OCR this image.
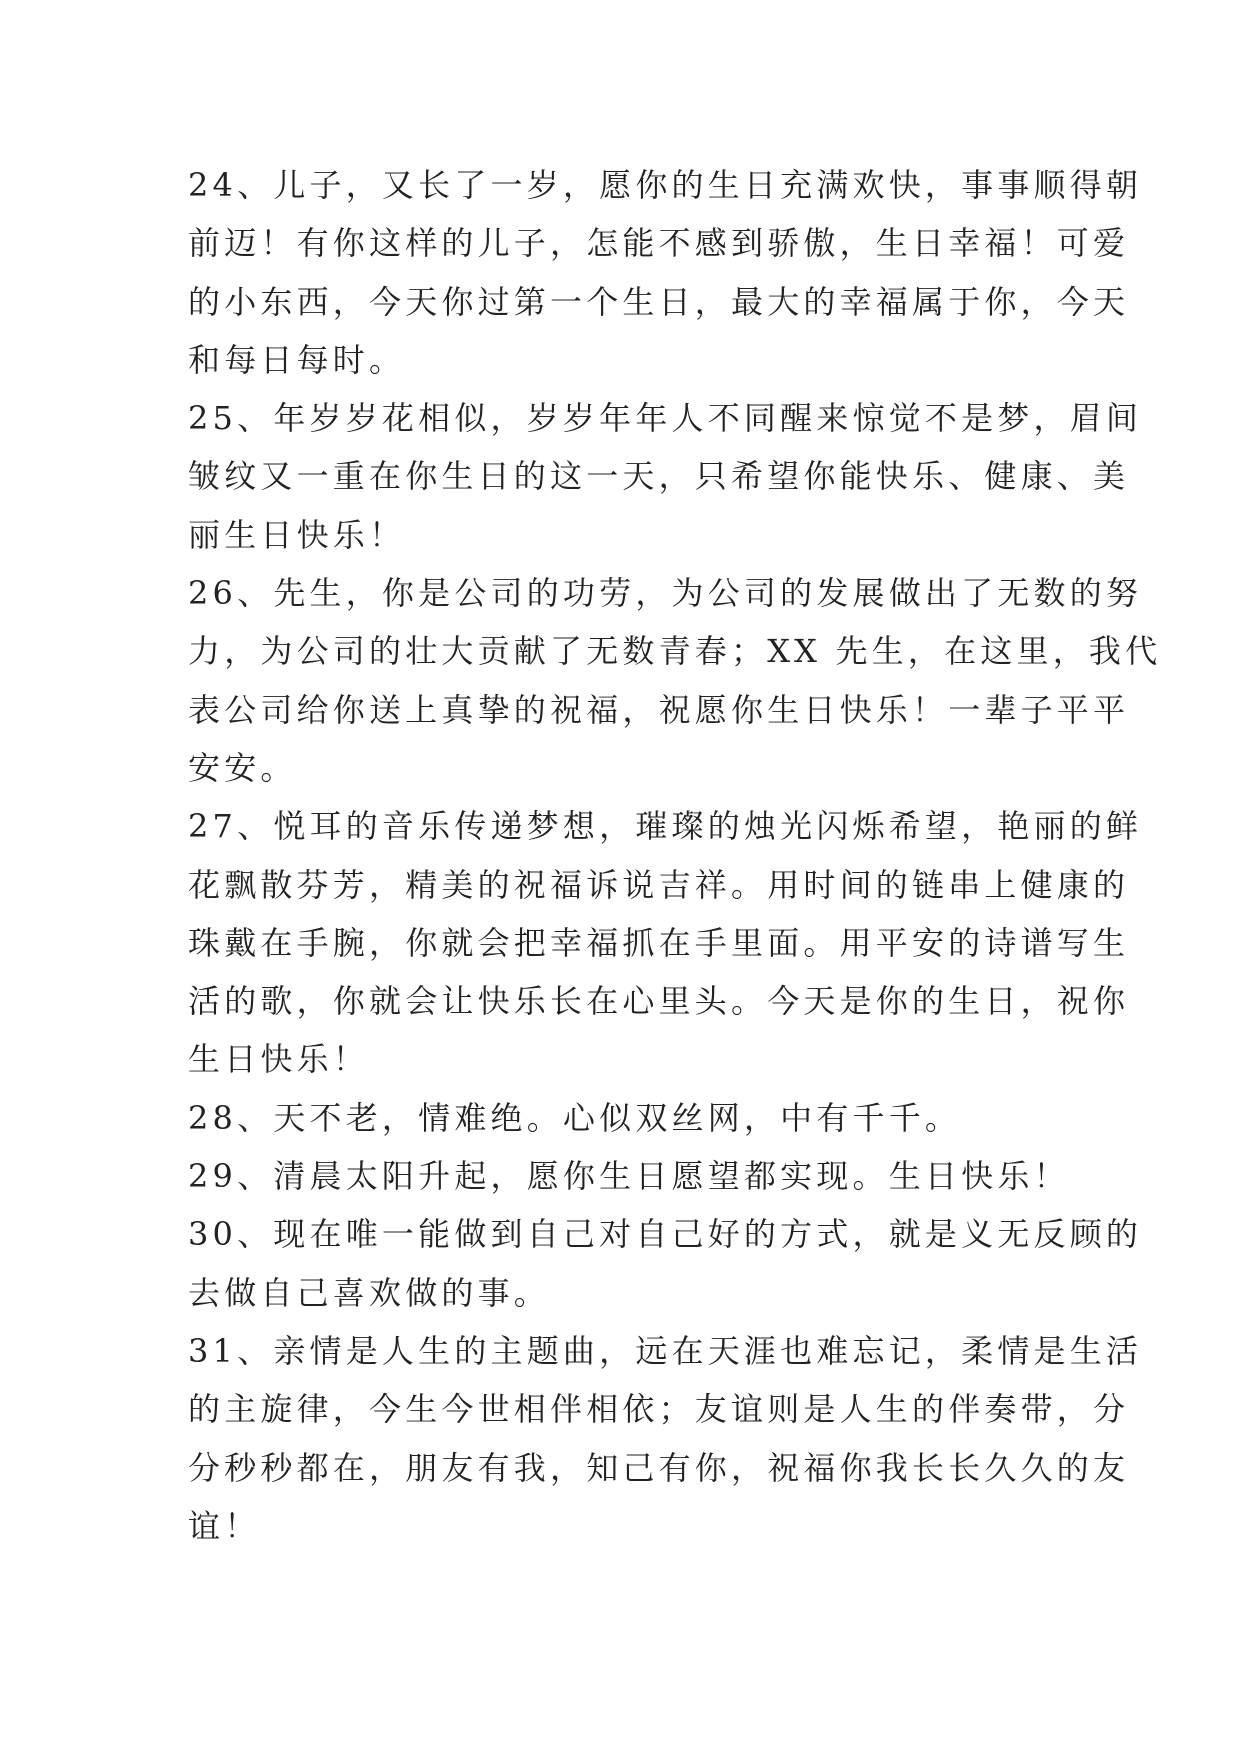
24、儿子，又长了一岁，愿你的生日充满欢快，事事顺得朝
前迈！有你这样的儿子，怎能不感到骄傲，生日幸福！可爱
的小东西，今天你过第一个生日，最大的幸福属于你，今天
和每日每时。
25、年岁岁花相似，岁岁年年人不同醒来惊觉不是梦，眉间
皱纹又一重在你生日的这一天，只希望你能快乐、健康、美
丽生日快乐！
26、先生，你是公司的功劳，为公司的发展做出了无数的努
力，为公司的壮大贡献了无数青春；XX 先生，在这里，我代
表公司给你送上真挚的祝福，祝愿你生日快乐！一辈子平平
安安。
27、悦耳的音乐传递梦想，璀璨的烛光闪烁希望，艳丽的鲜
花飘散芬芳，精美的祝福诉说吉祥。用时间的链串上健康的
珠戴在手腕，你就会把幸福抓在手里面。用平安的诗谱写生
活的歌，你就会让快乐长在心里头。今天是你的生日，祝你
生日快乐！
28、天不老，情难绝。心似双丝网，中有千千。
29、清晨太阳升起，愿你生日愿望都实现。生日快乐！
30、现在唯一能做到自己对自己好的方式，就是义无反顾的
去做自己喜欢做的事。
31、亲情是人生的主题曲，远在天涯也难忘记，柔情是生活
的主旋律，今生今世相伴相依；友谊则是人生的伴奏带，分
分秒秒都在，朋友有我，知己有你，祝福你我长长久久的友
谊！
